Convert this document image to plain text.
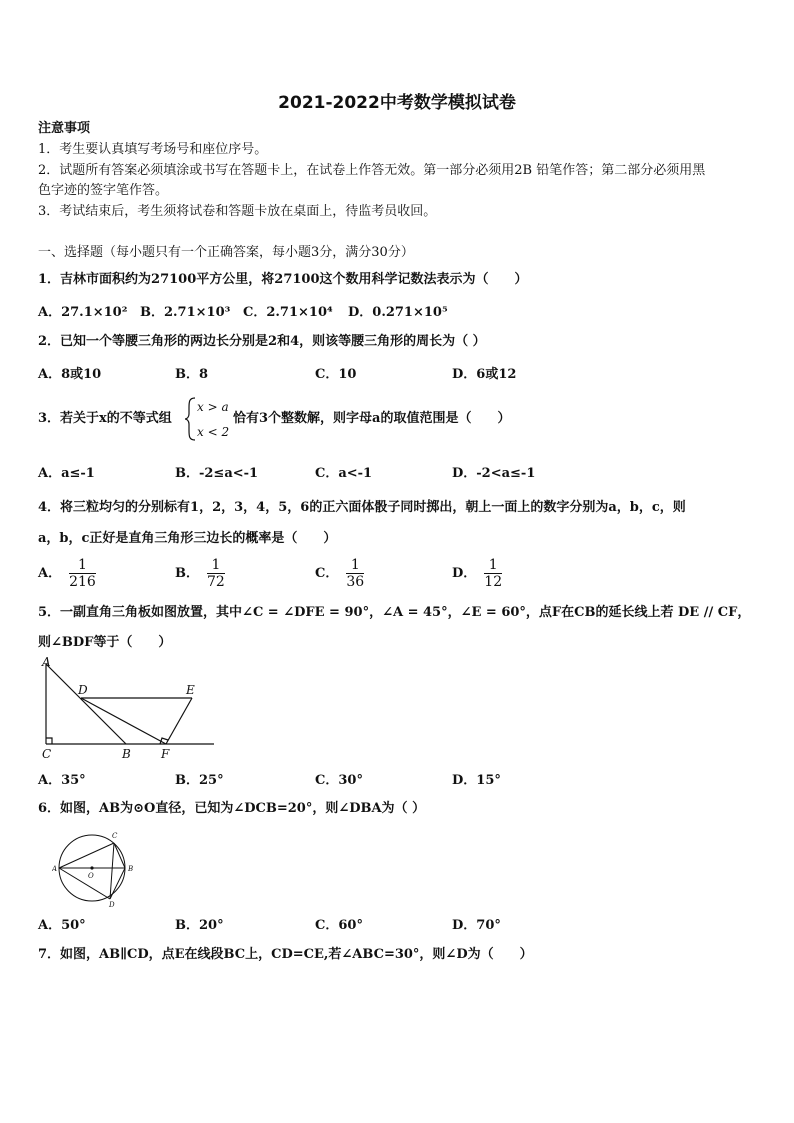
2021-2022中考数学模拟试卷
注意事项
1．考生要认真填写考场号和座位序号。
2．试题所有答案必须填涂或书写在答题卡上，在试卷上作答无效。第一部分必须用2B 铅笔作答；第二部分必须用黑
色字迹的签字笔作答。
3．考试结束后，考生须将试卷和答题卡放在桌面上，待监考员收回。
一、选择题（每小题只有一个正确答案，每小题3分，满分30分）
1．吉林市面积约为27100平方公里，将27100这个数用科学记数法表示为（　　）
A．27.1×10² B．2.71×10³ C．2.71×10⁴ D．0.271×10⁵
2．已知一个等腰三角形的两边长分别是2和4，则该等腰三角形的周长为（ ）
A．8或10	B．8	C．10	D．6或12
3．若关于x的不等式组
x > a
x < 2
恰有3个整数解，则字母a的取值范围是（　　）
A．a≤-1	B．-2≤a<-1	C．a<-1	D．-2<a≤-1
4．将三粒均匀的分别标有1，2，3，4，5，6的正六面体骰子同时掷出，朝上一面上的数字分别为a，b，c，则
a，b，c正好是直角三角形三边长的概率是（　　）
A． $\frac{1}{216}$	B． $\frac{1}{72}$	C． $\frac{1}{36}$	D． $\frac{1}{12}$
5．一副直角三角板如图放置，其中∠C = ∠DFE = 90°，∠A = 45°，∠E = 60°，点F在CB的延长线上若 DE // CF，
则∠BDF等于（　　）
A
D	E
C	B	F
A．35°	B．25°	C．30°	D．15°
6．如图，AB为⊙O直径，已知为∠DCB=20°，则∠DBA为（ ）
A	B
C
D
O
A．50°	B．20°	C．60°	D．70°
7．如图，AB∥CD，点E在线段BC上，CD=CE,若∠ABC=30°，则∠D为（　　）
